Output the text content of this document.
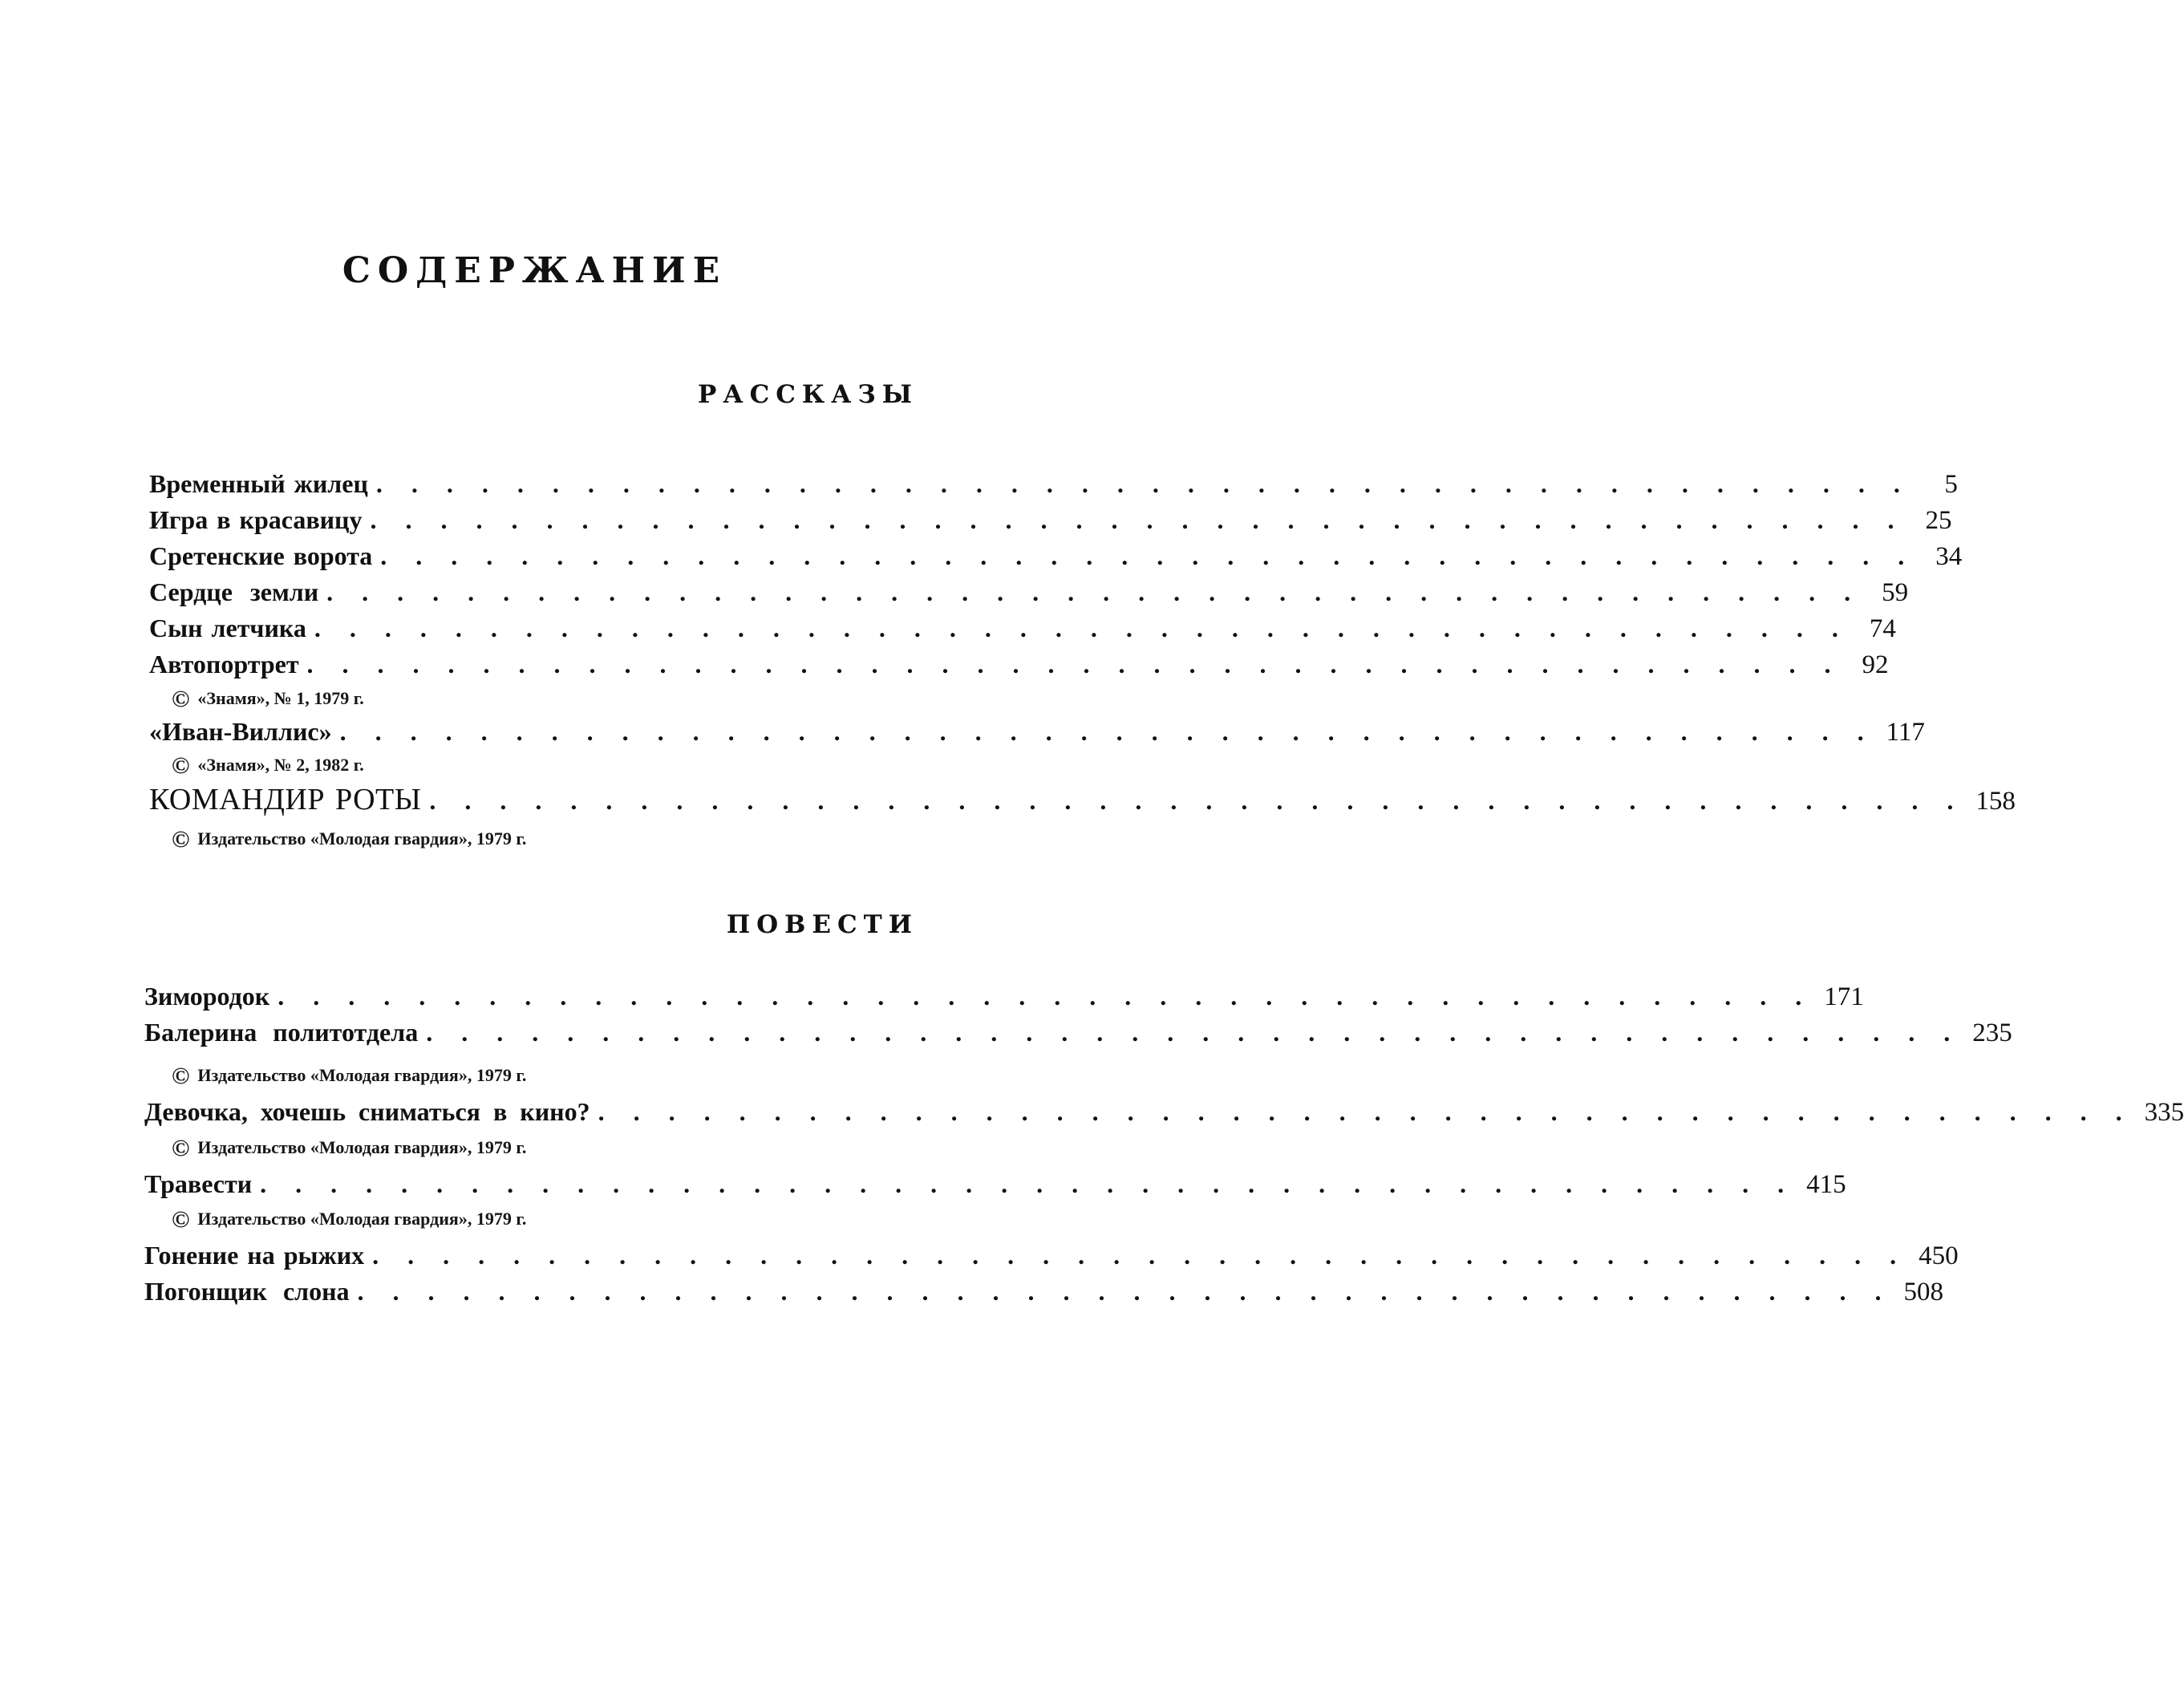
СОДЕРЖАНИЕ
РАССКАЗЫ
Временный жилец . . . . . . . . . . . . . . . . . . . . . . . . . . . . . . . . . . . . . . . . . . . .	5
Игра в красавицу . . . . . . . . . . . . . . . . . . . . . . . . . . . . . . . . . . . . . . . . . . . . 25
Сретенские ворота . . . . . . . . . . . . . . . . . . . . . . . . . . . . . . . . . . . . . . . . . . . . 34
Сердце земли . . . . . . . . . . . . . . . . . . . . . . . . . . . . . . . . . . . . . . . . . . . . 59
Сын летчика . . . . . . . . . . . . . . . . . . . . . . . . . . . . . . . . . . . . . . . . . . . . 74
Автопортрет . . . . . . . . . . . . . . . . . . . . . . . . . . . . . . . . . . . . . . . . . . . . 92
© «Знамя», № 1, 1979 г.
«Иван-Виллис» . . . . . . . . . . . . . . . . . . . . . . . . . . . . . . . . . . . . . . . . . . . . 117
© «Знамя», № 2, 1982 г.
КОМАНДИР РОТЫ . . . . . . . . . . . . . . . . . . . . . . . . . . . . . . . . . . . . . . . . . . . . 158
© Издательство «Молодая гвардия», 1979 г.
ПОВЕСТИ
Зимородок . . . . . . . . . . . . . . . . . . . . . . . . . . . . . . . . . . . . . . . . . . . . 171
Балерина политотдела . . . . . . . . . . . . . . . . . . . . . . . . . . . . . . . . . . . . . . . . . . . . 235
© Издательство «Молодая гвардия», 1979 г.
Девочка, хочешь сниматься в кино? . . . . . . . . . . . . . . . . . . . . . . . . . . . . . . . . . . . . . . . . . . . . 335
© Издательство «Молодая гвардия», 1979 г.
Травести . . . . . . . . . . . . . . . . . . . . . . . . . . . . . . . . . . . . . . . . . . . . 415
© Издательство «Молодая гвардия», 1979 г.
Гонение на рыжих . . . . . . . . . . . . . . . . . . . . . . . . . . . . . . . . . . . . . . . . . . . . 450
Погонщик слона . . . . . . . . . . . . . . . . . . . . . . . . . . . . . . . . . . . . . . . . . . . . 508
